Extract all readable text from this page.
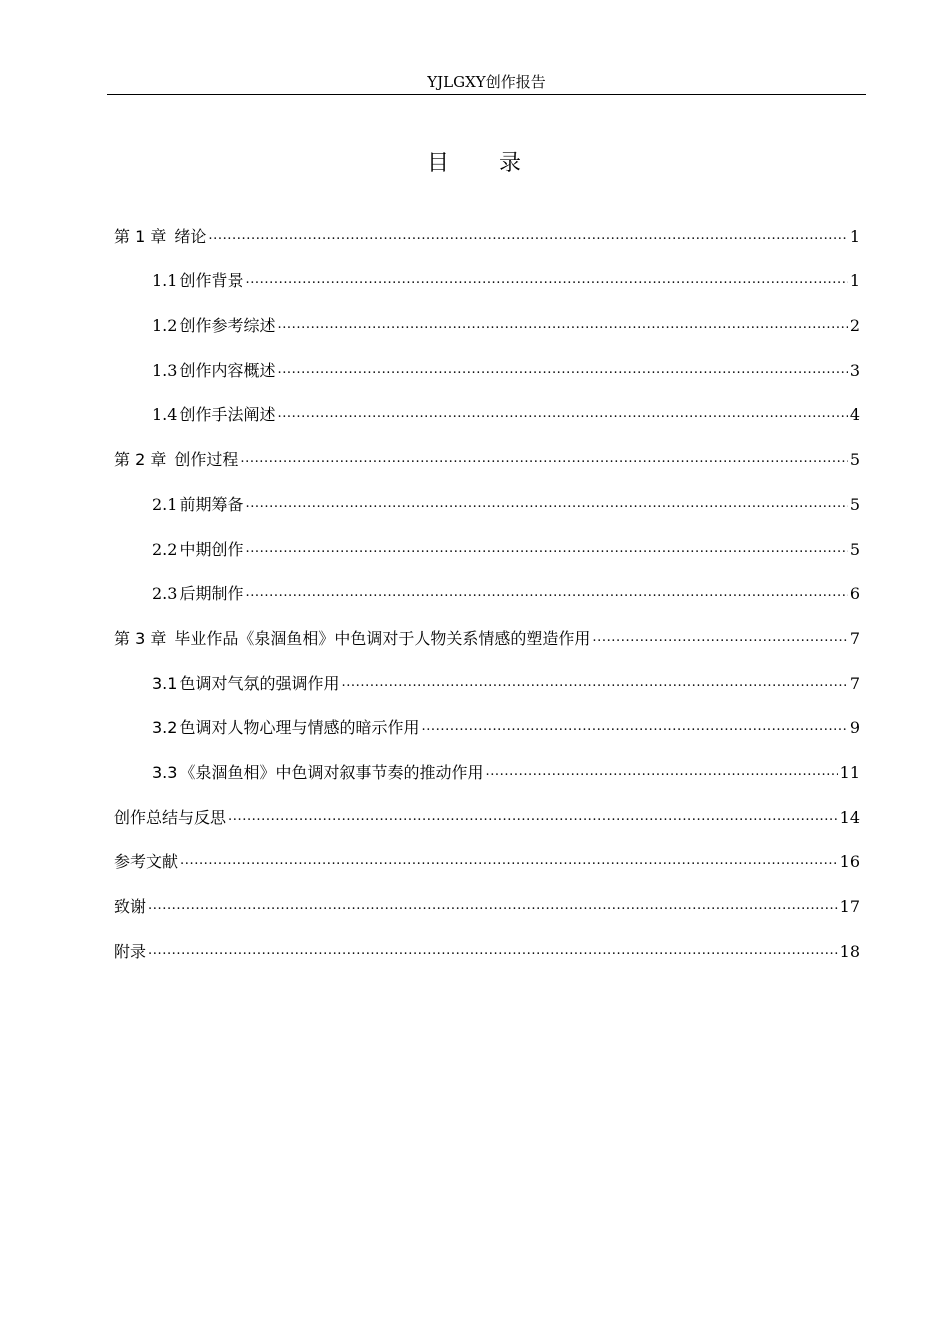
YJLGXY创作报告
目 录
第 1 章 绪论 .....	1
1.1 创作背景 .....	1
1.2 创作参考综述 .....	2
1.3 创作内容概述 .....	3
1.4 创作手法阐述 .....	4
第 2 章 创作过程 .....	5
2.1 前期筹备 .....	5
2.2 中期创作 .....	5
2.3 后期制作 .....	6
第 3 章 毕业作品《泉涸鱼相》中色调对于人物关系情感的塑造作用 .....	7
3.1 色调对气氛的强调作用 .....	7
3.2 色调对人物心理与情感的暗示作用 .....	9
3.3 《泉涸鱼相》中色调对叙事节奏的推动作用 .....	11
创作总结与反思 .....	14
参考文献 .....	16
致谢 .....	17
附录 .....	18
